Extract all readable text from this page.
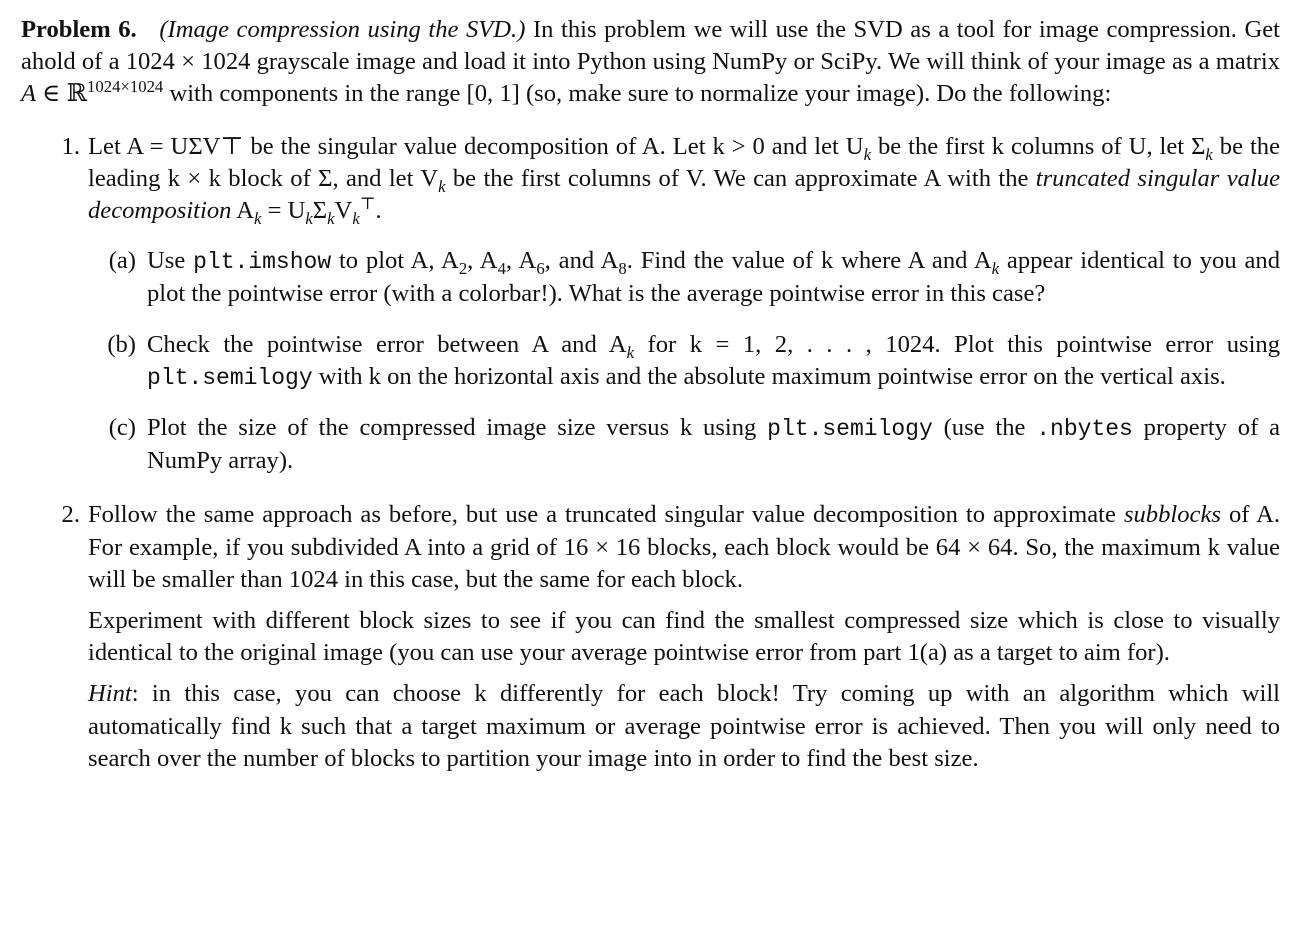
Problem 6. (Image compression using the SVD.) In this problem we will use the SVD as a tool for image compression. Get ahold of a 1024 × 1024 grayscale image and load it into Python using NumPy or SciPy. We will think of your image as a matrix A ∈ ℝ$^{1024\times 1024}$ with components in the range [0, 1] (so, make sure to normalize your image). Do the following:

1. Let A = UΣV⊤ be the singular value decomposition of A. Let k > 0 and let $U_k$ be the first k columns of U, let $\Sigma_k$ be the leading k × k block of Σ, and let $V_k$ be the first columns of V. We can approximate A with the truncated singular value decomposition $A_k = U_k\Sigma_kV_k^⊤$.

(a) Use plt.imshow to plot A, $A_2$, $A_4$, $A_6$, and $A_8$. Find the value of k where A and $A_k$ appear identical to you and plot the pointwise error (with a colorbar!). What is the average pointwise error in this case?

(b) Check the pointwise error between A and $A_k$ for k = 1, 2, . . . , 1024. Plot this pointwise error using plt.semilogy with k on the horizontal axis and the absolute maximum pointwise error on the vertical axis.

(c) Plot the size of the compressed image size versus k using plt.semilogy (use the .nbytes property of a NumPy array).

2. Follow the same approach as before, but use a truncated singular value decomposition to approximate subblocks of A. For example, if you subdivided A into a grid of 16 × 16 blocks, each block would be 64 × 64. So, the maximum k value will be smaller than 1024 in this case, but the same for each block.

Experiment with different block sizes to see if you can find the smallest compressed size which is close to visually identical to the original image (you can use your average pointwise error from part 1(a) as a target to aim for).

Hint: in this case, you can choose k differently for each block! Try coming up with an algorithm which will automatically find k such that a target maximum or average pointwise error is achieved. Then you will only need to search over the number of blocks to partition your image into in order to find the best size.
